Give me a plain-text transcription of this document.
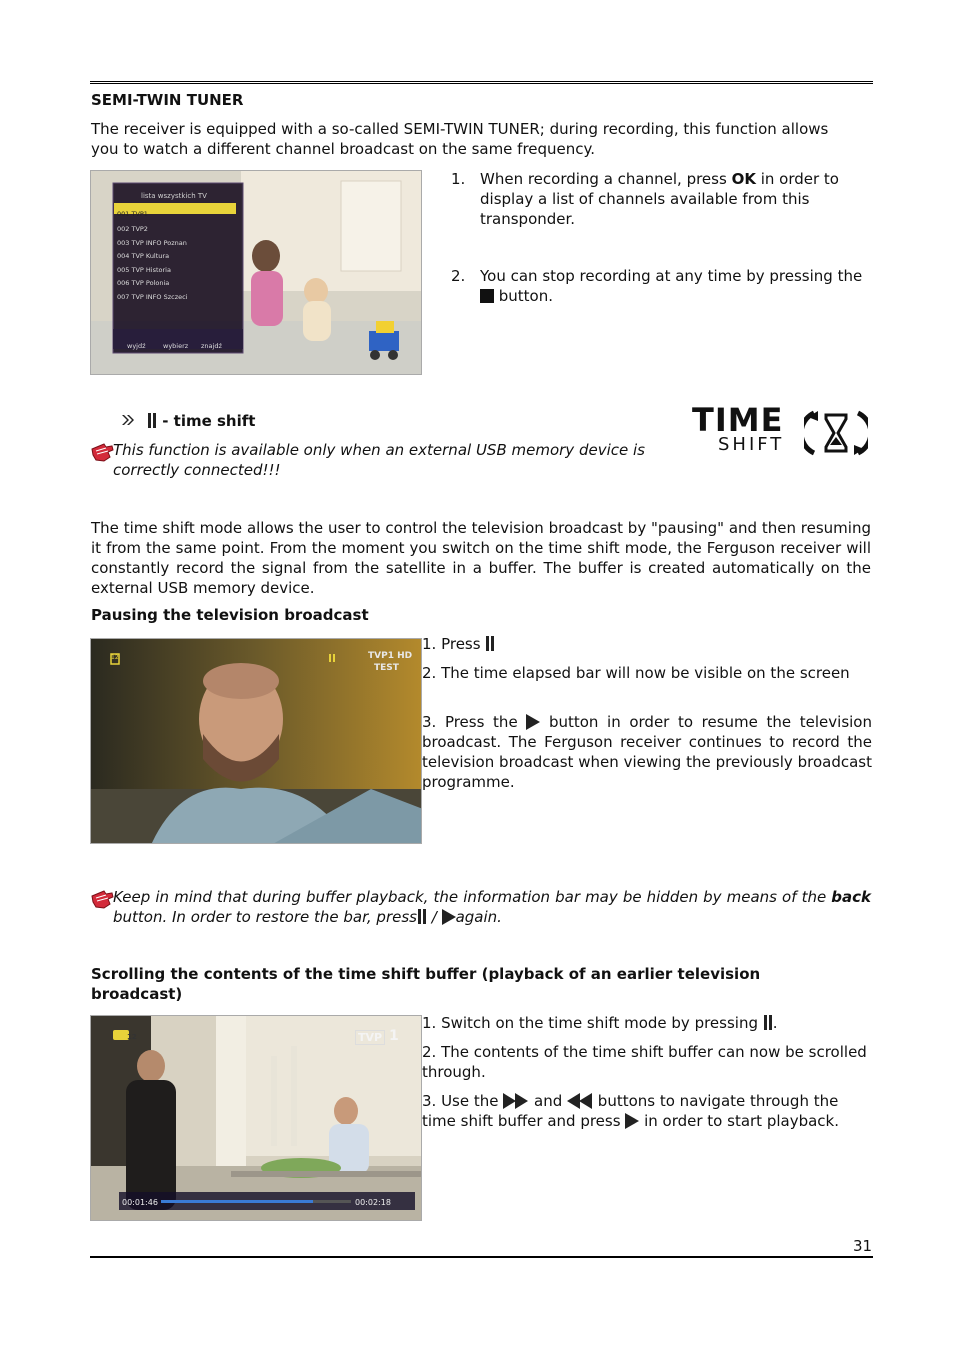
SEMI-TWIN TUNER
The receiver is equipped with a so-called SEMI-TWIN TUNER; during recording, this function allows you to watch a different channel broadcast on the same frequency.
lista wszystkich TV
001 TVP1
002 TVP2
003 TVP INFO Poznan
004 TVP Kultura
005 TVP Historia
006 TVP Polonia
007 TVP INFO Szczeci
wyjdź	wybierz znajdź
1. When recording a channel, press OK in order to display a list of channels available from this transponder.
2. You can stop recording at any time by pressing the  button.
- time shift	TIME
SHIFT
This function is available only when an external USB memory device is correctly connected!!!
The time shift mode allows the user to control the television broadcast by "pausing" and then resuming it from the same point. From the moment you switch on the time shift mode, the Ferguson receiver will constantly record the signal from the satellite in a buffer. The buffer is created automatically on the external USB memory device.
Pausing the television broadcast
TVP1 HD
TEST
12
1. Press
2. The time elapsed bar will now be visible on the screen
3. Press the  button in order to resume the television broadcast. The Ferguson receiver continues to record the television broadcast when viewing the previously broadcast programme.
Keep in mind that during buffer playback, the information bar may be hidden by means of the back button. In order to restore the bar, press / again.
Scrolling the contents of the time shift buffer (playback of an earlier television broadcast)
12	TVP 1
00:01:46	00:02:18
1. Switch on the time shift mode by pressing .
2. The contents of the time shift buffer can now be scrolled through.
3. Use the  and  buttons to navigate through the time shift buffer and press  in order to start playback.
31
